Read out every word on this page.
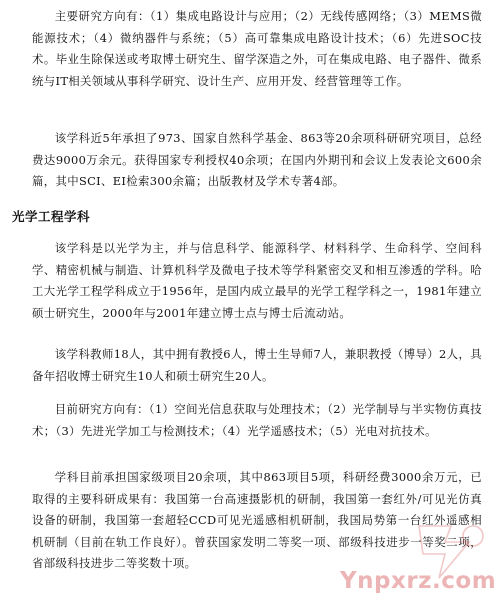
主要研究方向有：（1）集成电路设计与应用；（2）无线传感网络；（3）MEMS微能源技术；（4）微纳器件与系统；（5）高可靠集成电路设计技术；（6）先进SOC技术。毕业生除保送或考取博士研究生、留学深造之外，可在集成电路、电子器件、微系统与IT相关领域从事科学研究、设计生产、应用开发、经营管理等工作。

该学科近5年承担了973、国家自然科学基金、863等20余项科研研究项目，总经费达9000万余元。获得国家专利授权40余项；在国内外期刊和会议上发表论文600余篇，其中SCI、EI检索300余篇；出版教材及学术专著4部。

光学工程学科

该学科是以光学为主，并与信息科学、能源科学、材料科学、生命科学、空间科学、精密机械与制造、计算机科学及微电子技术等学科紧密交叉和相互渗透的学科。哈工大光学工程学科成立于1956年，是国内成立最早的光学工程学科之一，1981年建立硕士研究生，2000年与2001年建立博士点与博士后流动站。

该学科教师18人，其中拥有教授6人，博士生导师7人，兼职教授（博导）2人，具备年招收博士研究生10人和硕士研究生20人。

目前研究方向有：（1）空间光信息获取与处理技术；（2）光学制导与半实物仿真技术；（3）先进光学加工与检测技术；（4）光学遥感技术；（5）光电对抗技术。

学科目前承担国家级项目20余项，其中863项目5项，科研经费3000余万元，已取得的主要科研成果有：我国第一台高速摄影机的研制，我国第一套红外/可见光仿真设备的研制，我国第一套超轻CCD可见光遥感相机研制，我国局势第一台红外遥感相机研制（目前在轨工作良好）。曾获国家发明二等奖一项、部级科技进步一等奖二项，省部级科技进步二等奖数十项。

Ynpxrz.com
